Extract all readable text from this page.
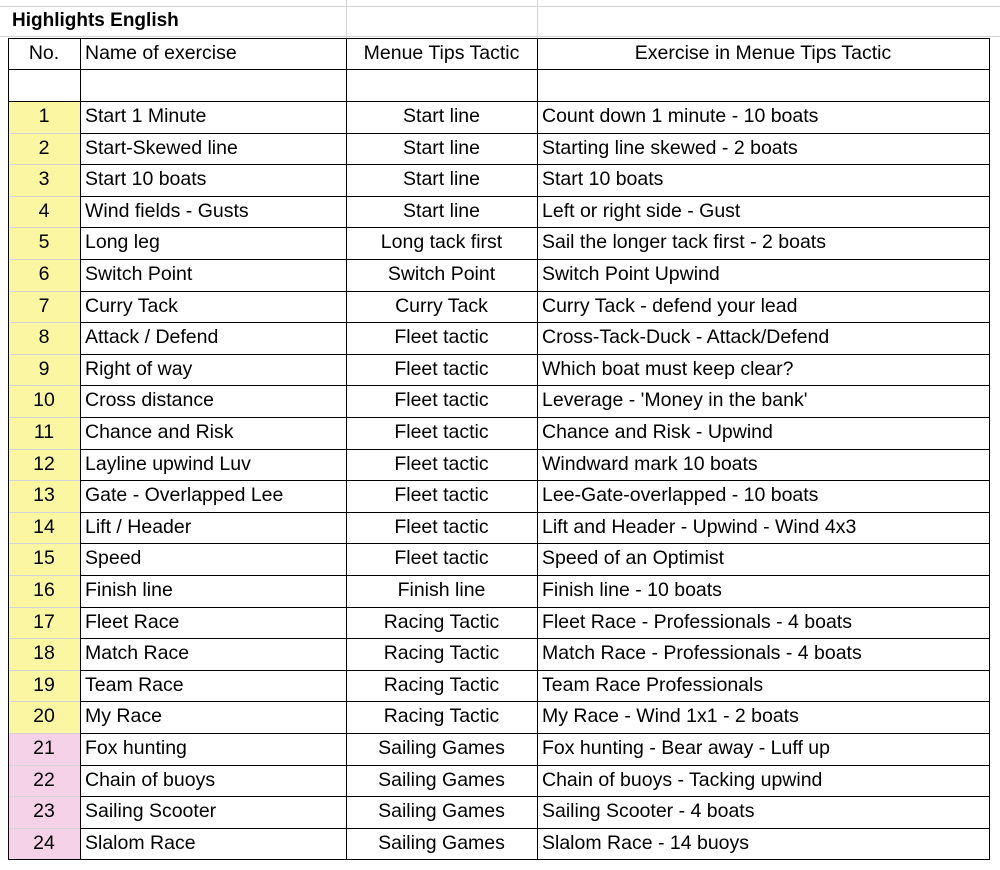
Highlights English
No.	Name of exercise	Menue Tips Tactic	Exercise in Menue Tips Tactic
1	Start 1 Minute	Start line	Count down 1 minute - 10 boats
2	Start-Skewed line	Start line	Starting line skewed - 2 boats
3	Start 10 boats	Start line	Start 10 boats
4	Wind fields - Gusts	Start line	Left or right side - Gust
5	Long leg	Long tack first	Sail the longer tack first - 2 boats
6	Switch Point	Switch Point	Switch Point Upwind
7	Curry Tack	Curry Tack	Curry Tack - defend your lead
8	Attack / Defend	Fleet tactic	Cross-Tack-Duck - Attack/Defend
9	Right of way	Fleet tactic	Which boat must keep clear?
10	Cross distance	Fleet tactic	Leverage - 'Money in the bank'
11	Chance and Risk	Fleet tactic	Chance and Risk - Upwind
12	Layline upwind Luv	Fleet tactic	Windward mark 10 boats
13	Gate - Overlapped Lee	Fleet tactic	Lee-Gate-overlapped - 10 boats
14	Lift / Header	Fleet tactic	Lift and Header - Upwind - Wind 4x3
15	Speed	Fleet tactic	Speed of an Optimist
16	Finish line	Finish line	Finish line - 10 boats
17	Fleet Race	Racing Tactic	Fleet Race - Professionals - 4 boats
18	Match Race	Racing Tactic	Match Race - Professionals - 4 boats
19	Team Race	Racing Tactic	Team Race Professionals
20	My Race	Racing Tactic	My Race - Wind 1x1 - 2 boats
21	Fox hunting	Sailing Games	Fox hunting - Bear away - Luff up
22	Chain of buoys	Sailing Games	Chain of buoys - Tacking upwind
23	Sailing Scooter	Sailing Games	Sailing Scooter - 4 boats
24	Slalom Race	Sailing Games	Slalom Race - 14 buoys
